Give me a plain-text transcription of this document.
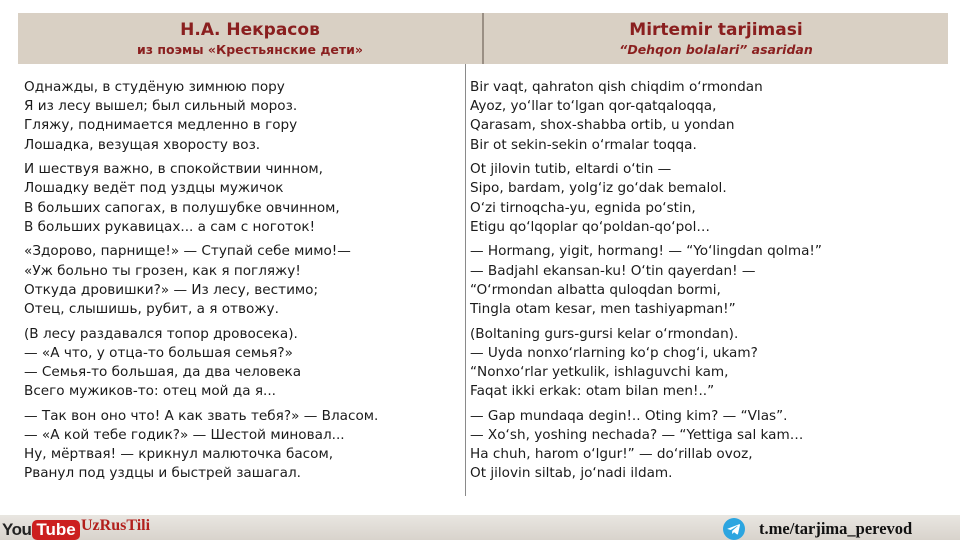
Н.А. Некрасов
из поэмы «Крестьянские дети»
Mirtemir tarjimasi
“Dehqon bolalari” asaridan
Однажды, в студёную зимнюю пору
Я из лесу вышел; был сильный мороз.
Гляжу, поднимается медленно в гору
Лошадка, везущая хворосту воз.
И шествуя важно, в спокойствии чинном,
Лошадку ведёт под уздцы мужичок
В больших сапогах, в полушубке овчинном,
В больших рукавицах... а сам с ноготок!
«Здорово, парнище!» — Ступай себе мимо!—
«Уж больно ты грозен, как я погляжу!
Откуда дровишки?» — Из лесу, вестимо;
Отец, слышишь, рубит, а я отвожу.
(В лесу раздавался топор дровосека).
— «А что, у отца-то большая семья?»
— Семья-то большая, да два человека
Всего мужиков-то: отец мой да я...
— Так вон оно что! А как звать тебя?» — Власом.
— «А кой тебе годик?» — Шестой миновал...
Ну, мёртвая! — крикнул малюточка басом,
Рванул под уздцы и быстрей зашагал.
Bir vaqt, qahraton qish chiqdim o‘rmondan
Ayoz, yo‘llar to‘lgan qor-qatqaloqqa,
Qarasam, shox-shabba ortib, u yondan
Bir ot sekin-sekin o‘rmalar toqqa.
Ot jilovin tutib, eltardi o‘tin —
Sipo, bardam, yolg‘iz go‘dak bemalol.
O‘zi tirnoqcha-yu, egnida po‘stin,
Etigu qo‘lqoplar qo‘poldan-qo‘pol…
— Hormang, yigit, hormang! — “Yo‘lingdan qolma!”
— Badjahl ekansan-ku! O‘tin qayerdan! —
“O‘rmondan albatta quloqdan bormi,
Tingla otam kesar, men tashiyapman!”
(Boltaning gurs-gursi kelar o‘rmondan).
— Uyda nonxo‘rlarning ko‘p chog‘i, ukam?
“Nonxo‘rlar yetkulik, ishlaguvchi kam,
Faqat ikki erkak: otam bilan men!..”
— Gap mundaqa degin!.. Oting kim? — “Vlas”.
— Xo‘sh, yoshing nechada? — “Yettiga sal kam…
Ha chuh, harom o‘lgur!” — do‘rillab ovoz,
Ot jilovin siltab, jo‘nadi ildam.
You Tube UzRusTili	t.me/tarjima_perevod
